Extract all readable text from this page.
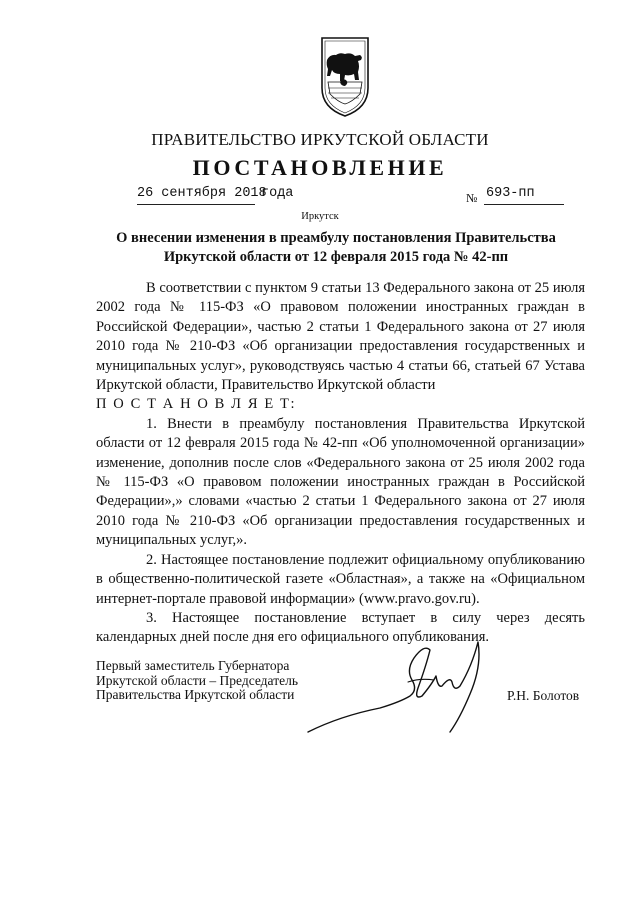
ПРАВИТЕЛЬСТВО ИРКУТСКОЙ ОБЛАСТИ
ПОСТАНОВЛЕНИЕ
26 сентября 2018
года	№ 693-пп
Иркутск
О внесении изменения в преамбулу постановления Правительства
Иркутской области от 12 февраля 2015 года № 42-пп

В соответствии с пунктом 9 статьи 13 Федерального закона от 25 июля 2002 года № 115-ФЗ «О правовом положении иностранных граждан в Российской Федерации», частью 2 статьи 1 Федерального закона от 27 июля 2010 года № 210-ФЗ «Об организации предоставления государственных и муниципальных услуг», руководствуясь частью 4 статьи 66, статьей 67 Устава Иркутской области, Правительство Иркутской области

П О С Т А Н О В Л Я Е Т:

1. Внести в преамбулу постановления Правительства Иркутской области от 12 февраля 2015 года № 42-пп «Об уполномоченной организации» изменение, дополнив после слов «Федерального закона от 25 июля 2002 года № 115-ФЗ «О правовом положении иностранных граждан в Российской Федерации»,» словами «частью 2 статьи 1 Федерального закона от 27 июля 2010 года № 210-ФЗ «Об организации предоставления государственных и муниципальных услуг,».

2. Настоящее постановление подлежит официальному опубликованию в общественно-политической газете «Областная», а также на «Официальном интернет-портале правовой информации» (www.pravo.gov.ru).

3. Настоящее постановление вступает в силу через десять календарных дней после дня его официального опубликования.

Первый заместитель Губернатора
Иркутской области – Председатель
Правительства Иркутской области	Р.Н. Болотов
